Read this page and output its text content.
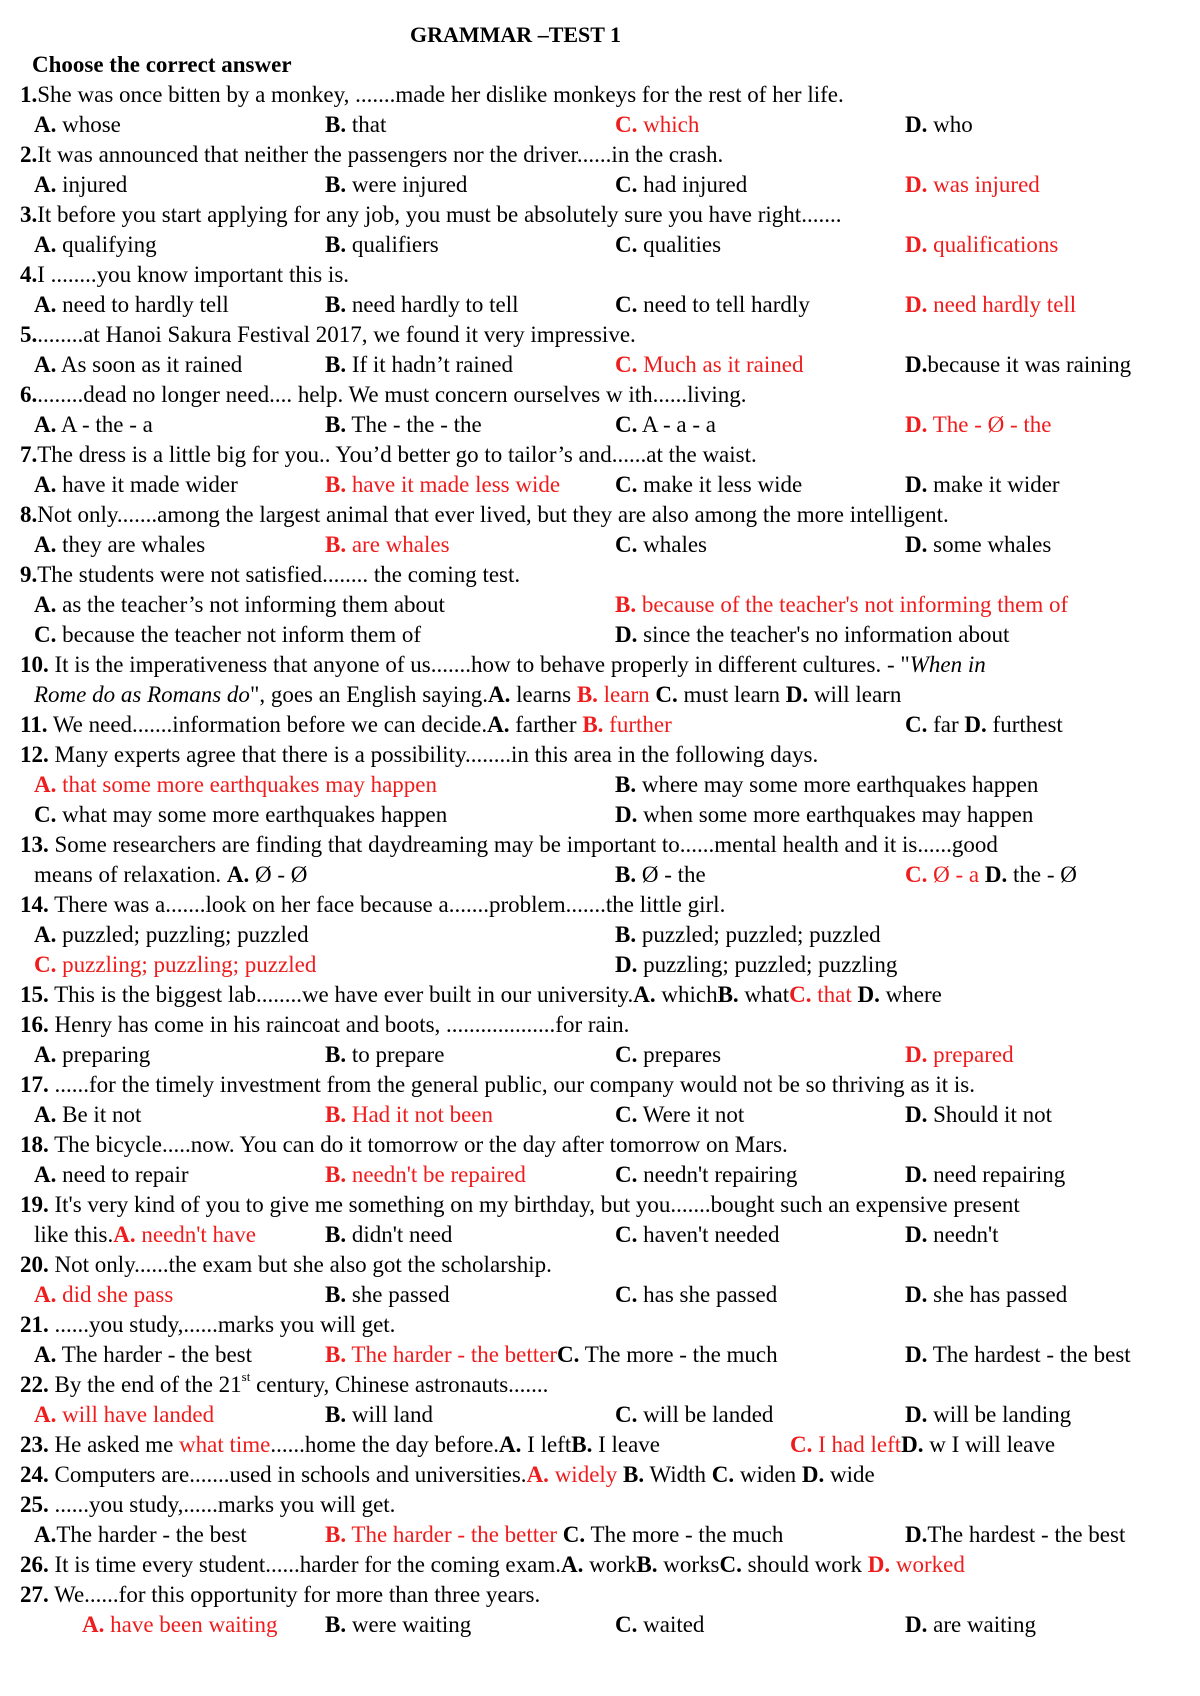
GRAMMAR –TEST 1
Choose the correct answer
1.She was once bitten by a monkey, .......made her dislike monkeys for the rest of her life.
A. whose	B. that	C. which	D. who
2.It was announced that neither the passengers nor the driver......in the crash.
A. injured	B. were injured	C. had injured	D. was injured
3.It before you start applying for any job, you must be absolutely sure you have right.......
A. qualifying	B. qualifiers	C. qualities	D. qualifications
4.I ........you know important this is.
A. need to hardly tell	B. need hardly to tell	C. need to tell hardly	D. need hardly tell
5.........at Hanoi Sakura Festival 2017, we found it very impressive.
A. As soon as it rained	B. If it hadn’t rained	C. Much as it rained	D.because it was raining
6.........dead no longer need.... help. We must concern ourselves w ith......living.
A. A - the - a	B. The - the - the	C. A - a - a	D. The - Ø - the
7.The dress is a little big for you.. You’d better go to tailor’s and......at the waist.
A. have it made wider	B. have it made less wide C. make it less wide	D. make it wider
8.Not only.......among the largest animal that ever lived, but they are also among the more intelligent.
A. they are whales	B. are whales	C. whales	D. some whales
9.The students were not satisfied........ the coming test.
A. as the teacher’s not informing them about	B. because of the teacher's not informing them of
C. because the teacher not inform them of	D. since the teacher's no information about
10. It is the imperativeness that anyone of us.......how to behave properly in different cultures. - "When in
Rome do as Romans do", goes an English saying.A. learns B. learn C. must learn D. will learn
11. We need.......information before we can decide.A. farther B. further	C. far D. furthest
12. Many experts agree that there is a possibility........in this area in the following days.
A. that some more earthquakes may happen	B. where may some more earthquakes happen
C. what may some more earthquakes happen	D. when some more earthquakes may happen
13. Some researchers are finding that daydreaming may be important to......mental health and it is......good
means of relaxation. A. Ø - Ø	B. Ø - the	C. Ø - a D. the - Ø
14. There was a.......look on her face because a.......problem.......the little girl.
A. puzzled; puzzling; puzzled	B. puzzled; puzzled; puzzled
C. puzzling; puzzling; puzzled	D. puzzling; puzzled; puzzling
15. This is the biggest lab........we have ever built in our university.A. whichB. whatC. that D. where
16. Henry has come in his raincoat and boots, ...................for rain.
A. preparing	B. to prepare	C. prepares	D. prepared
17. ......for the timely investment from the general public, our company would not be so thriving as it is.
A. Be it not	B. Had it not been	C. Were it not	D. Should it not
18. The bicycle.....now. You can do it tomorrow or the day after tomorrow on Mars.
A. need to repair	B. needn't be repaired	C. needn't repairing	D. need repairing
19. It's very kind of you to give me something on my birthday, but you.......bought such an expensive present
like this.A. needn't have	B. didn't need	C. haven't needed	D. needn't
20. Not only......the exam but she also got the scholarship.
A. did she pass	B. she passed	C. has she passed	D. she has passed
21. ......you study,......marks you will get.
A. The harder - the best	B. The harder - the betterC. The more - the much	D. The hardest - the best
22. By the end of the 21st century, Chinese astronauts.......
A. will have landed	B. will land	C. will be landed	D. will be landing
23. He asked me what time......home the day before.A. I leftB. I leave	C. I had leftD. w I will leave
24. Computers are.......used in schools and universities.A. widely B. Width C. widen D. wide
25. ......you study,......marks you will get.
A.The harder - the best	B. The harder - the better C. The more - the much	D.The hardest - the best
26. It is time every student......harder for the coming exam.A. workB. worksC. should work D. worked
27. We......for this opportunity for more than three years.
A. have been waiting B. were waiting	C. waited	D. are waiting
